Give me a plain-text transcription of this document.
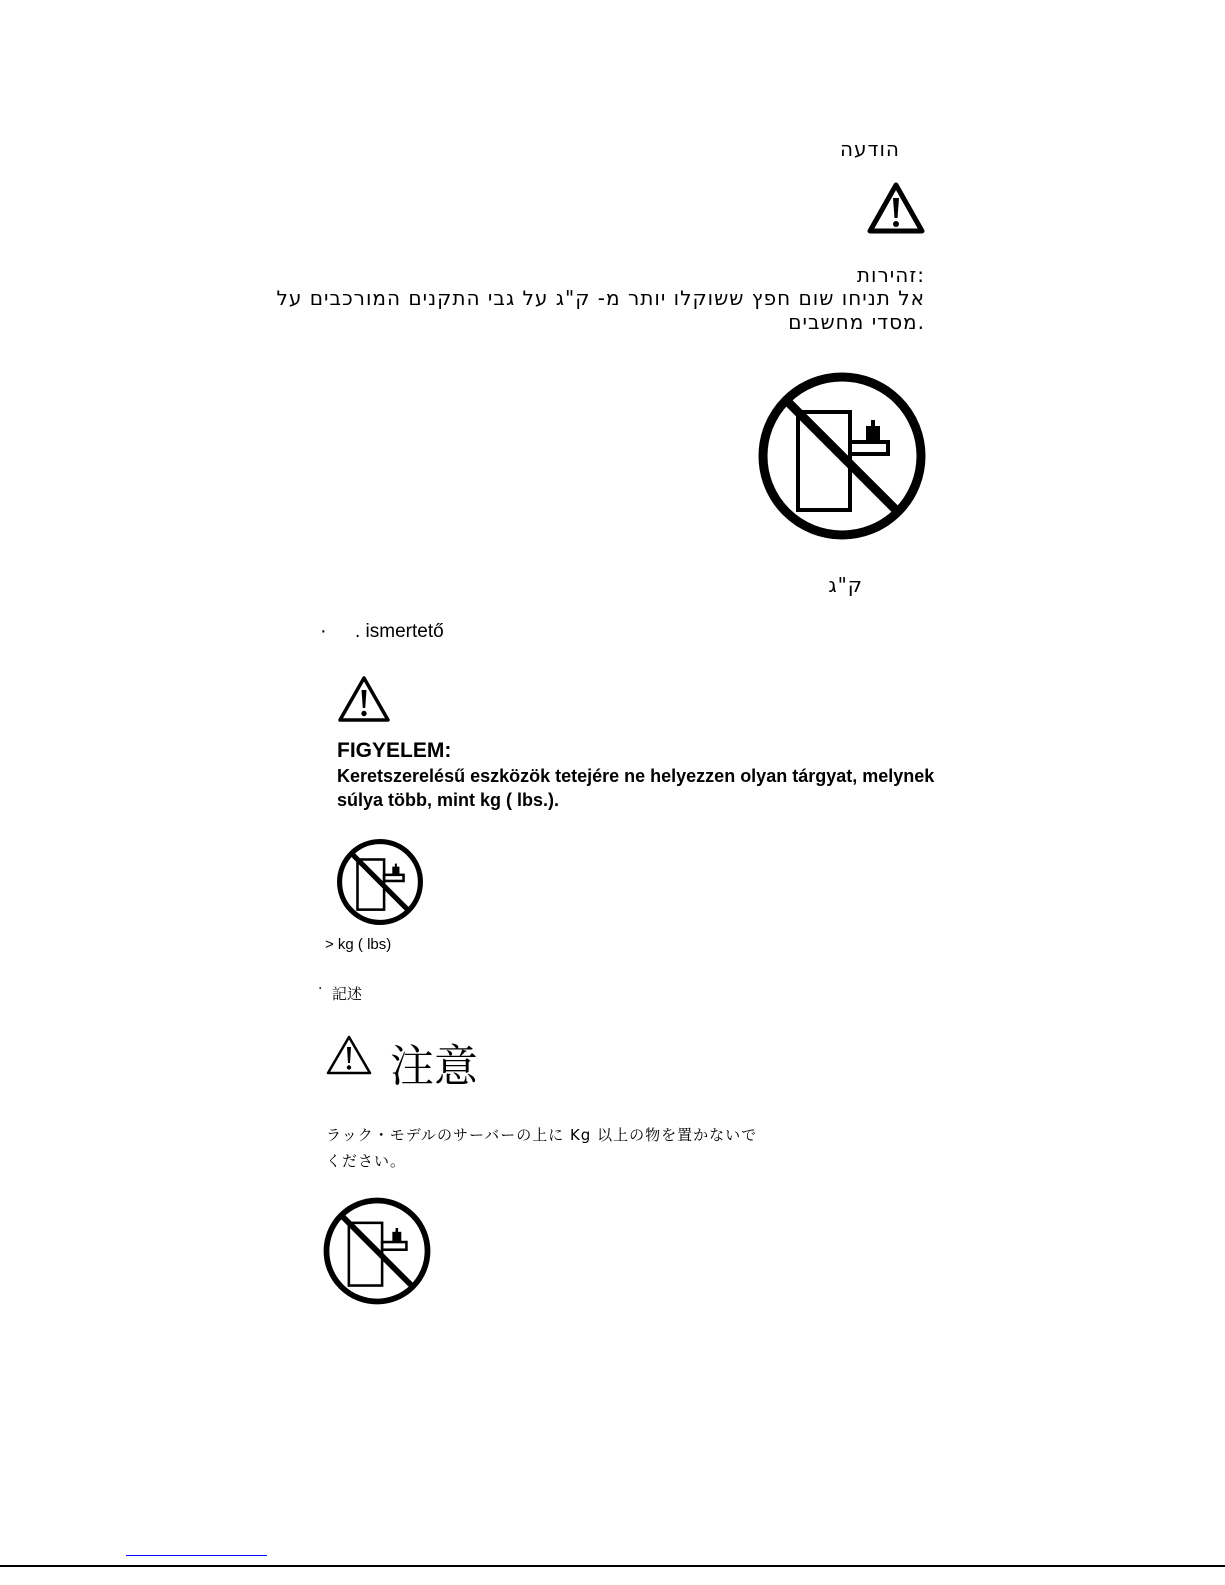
הודעה
:זהירות
אל תניחו שום חפץ ששוקלו יותר מ- ק"ג על גבי התקנים המורכבים על
.מסדי מחשבים
ק"ג
· . ismertető
FIGYELEM:
Keretszerelésű eszközök tetejére ne helyezzen olyan tárgyat, melynek
súlya több, mint kg ( lbs.).
> kg ( lbs)
· 記述
注意
ラック・モデルのサーバーの上に Kg 以上の物を置かないで
ください。
